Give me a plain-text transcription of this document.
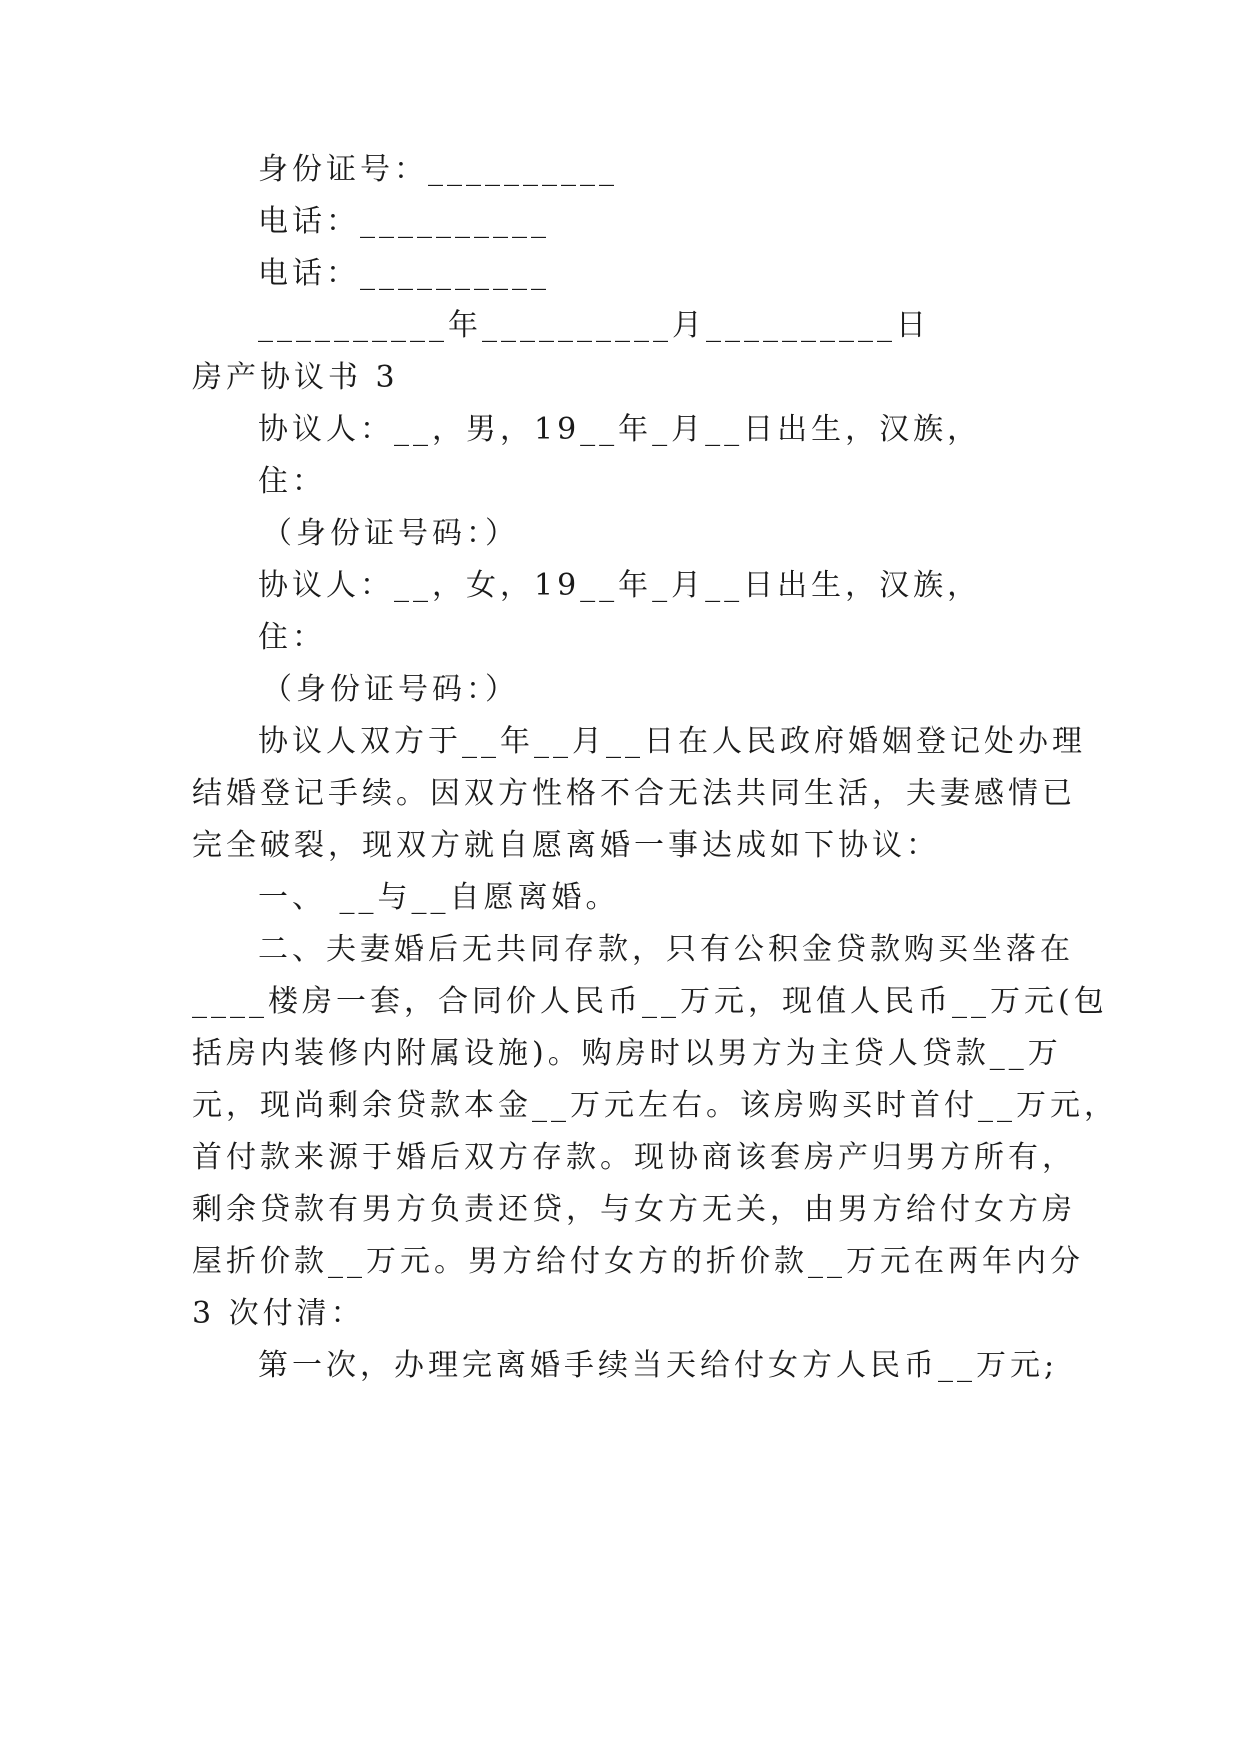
身份证号：__________
电话：__________
电话：__________
__________年__________月__________日
房产协议书 3
协议人：__，男，19__年_月__日出生，汉族，
住：
（身份证号码：）
协议人：__，女，19__年_月__日出生，汉族，
住：
（身份证号码：）
协议人双方于__年__月__日在人民政府婚姻登记处办理
结婚登记手续。因双方性格不合无法共同生活，夫妻感情已
完全破裂，现双方就自愿离婚一事达成如下协议：
一、 __与__自愿离婚。
二、夫妻婚后无共同存款，只有公积金贷款购买坐落在
____楼房一套，合同价人民币__万元，现值人民币__万元(包
括房内装修内附属设施)。购房时以男方为主贷人贷款__万
元，现尚剩余贷款本金__万元左右。该房购买时首付__万元，
首付款来源于婚后双方存款。现协商该套房产归男方所有，
剩余贷款有男方负责还贷，与女方无关，由男方给付女方房
屋折价款__万元。男方给付女方的折价款__万元在两年内分
3 次付清：
第一次，办理完离婚手续当天给付女方人民币__万元;
